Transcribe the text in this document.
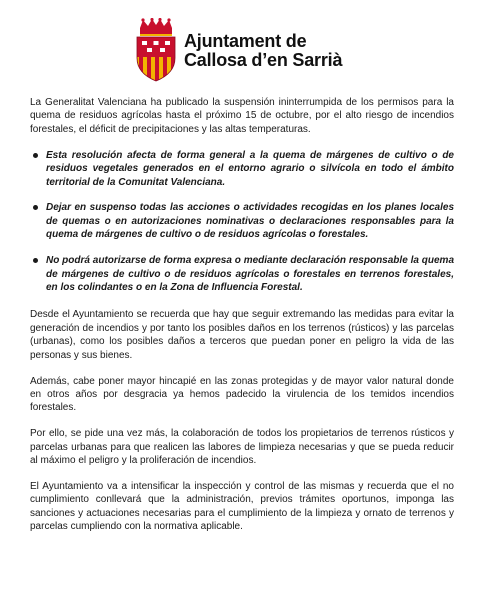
Ajuntament de
Callosa d’en Sarrià

La Generalitat Valenciana ha publicado la suspensión ininterrumpida de los permisos para la quema de residuos agrícolas hasta el próximo 15 de octubre, por el alto riesgo de incendios forestales, el déficit de precipitaciones y las altas temperaturas.

Esta resolución afecta de forma general a la quema de márgenes de cultivo o de residuos vegetales generados en el entorno agrario o silvícola en todo el ámbito territorial de la Comunitat Valenciana.
Dejar en suspenso todas las acciones o actividades recogidas en los planes locales de quemas o en autorizaciones nominativas o declaraciones responsables para la quema de márgenes de cultivo o de residuos agrícolas o forestales.
No podrá autorizarse de forma expresa o mediante declaración responsable la quema de márgenes de cultivo o de residuos agrícolas o forestales en terrenos forestales, en los colindantes o en la Zona de Influencia Forestal.

Desde el Ayuntamiento se recuerda que hay que seguir extremando las medidas para evitar la generación de incendios y por tanto los posibles daños en los terrenos (rústicos) y las parcelas (urbanas), como los posibles daños a terceros que puedan poner en peligro la vida de las personas y sus bienes.

Además, cabe poner mayor hincapié en las zonas protegidas y de mayor valor natural donde en otros años por desgracia ya hemos padecido la virulencia de los temidos incendios forestales.

Por ello, se pide una vez más, la colaboración de todos los propietarios de terrenos rústicos y parcelas urbanas para que realicen las labores de limpieza necesarias y que se pueda reducir al máximo el peligro y la proliferación de incendios.

El Ayuntamiento va a intensificar la inspección y control de las mismas y recuerda que el no cumplimiento conllevará que la administración, previos trámites oportunos, imponga las sanciones y actuaciones necesarias para el cumplimiento de la limpieza y ornato de terrenos y parcelas cumpliendo con la normativa aplicable.
